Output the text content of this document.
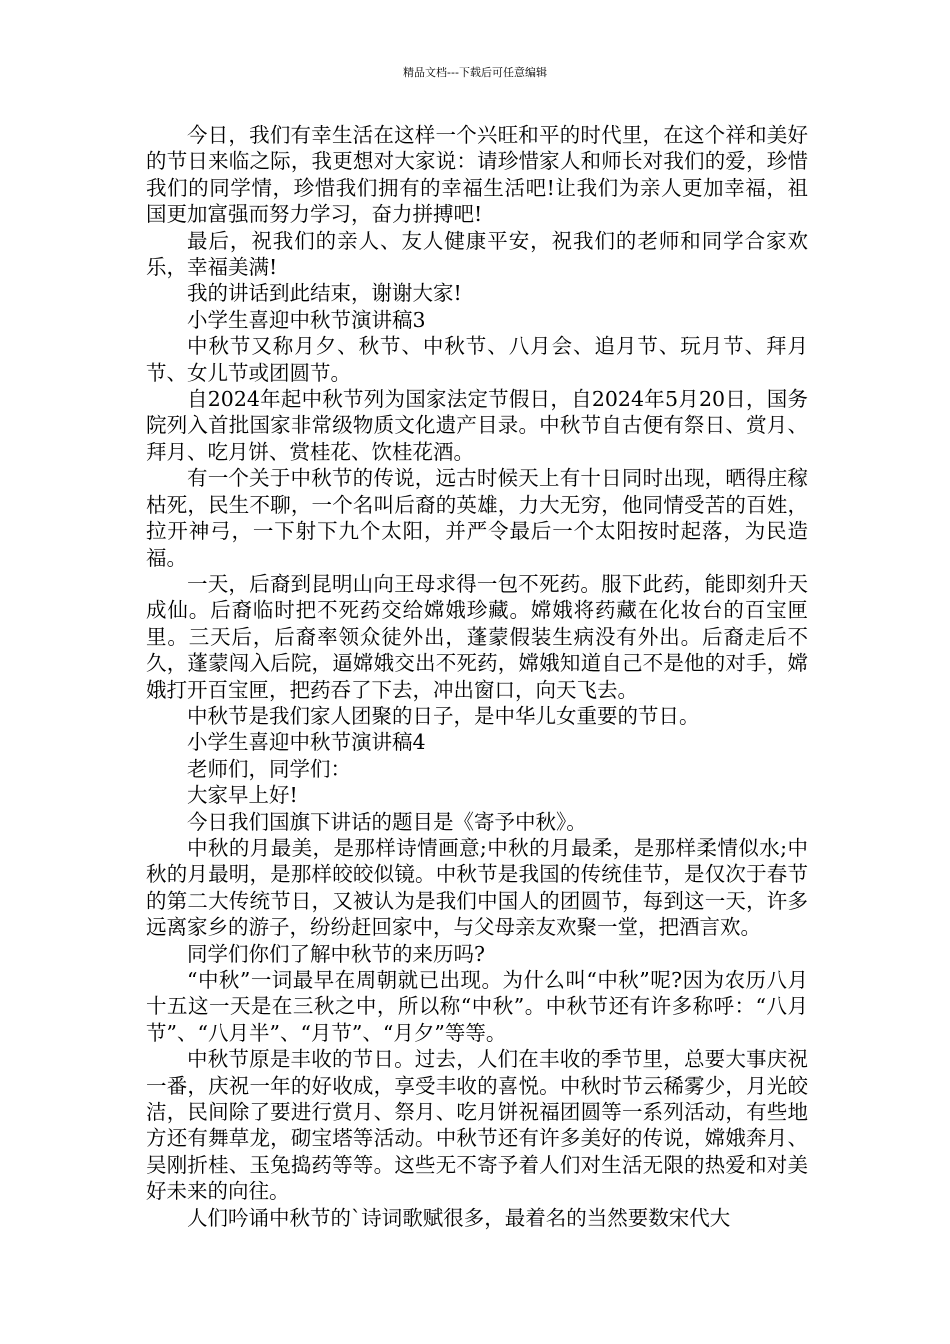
精品文档---下载后可任意编辑

今日，我们有幸生活在这样一个兴旺和平的时代里，在这个祥和美好的节日来临之际，我更想对大家说：请珍惜家人和师长对我们的爱，珍惜我们的同学情，珍惜我们拥有的幸福生活吧!让我们为亲人更加幸福，祖国更加富强而努力学习，奋力拼搏吧!

最后，祝我们的亲人、友人健康平安，祝我们的老师和同学合家欢乐，幸福美满!

我的讲话到此结束，谢谢大家!

小学生喜迎中秋节演讲稿3

中秋节又称月夕、秋节、中秋节、八月会、追月节、玩月节、拜月节、女儿节或团圆节。

自2024年起中秋节列为国家法定节假日，自2024年5月20日，国务院列入首批国家非常级物质文化遗产目录。中秋节自古便有祭日、赏月、拜月、吃月饼、赏桂花、饮桂花酒。

有一个关于中秋节的传说，远古时候天上有十日同时出现，晒得庄稼枯死，民生不聊，一个名叫后裔的英雄，力大无穷，他同情受苦的百姓，拉开神弓，一下射下九个太阳，并严令最后一个太阳按时起落，为民造福。

一天，后裔到昆明山向王母求得一包不死药。服下此药，能即刻升天成仙。后裔临时把不死药交给嫦娥珍藏。嫦娥将药藏在化妆台的百宝匣里。三天后，后裔率领众徒外出，蓬蒙假装生病没有外出。后裔走后不久，蓬蒙闯入后院，逼嫦娥交出不死药，嫦娥知道自己不是他的对手，嫦娥打开百宝匣，把药吞了下去，冲出窗口，向天飞去。

中秋节是我们家人团聚的日子，是中华儿女重要的节日。

小学生喜迎中秋节演讲稿4

老师们，同学们：

大家早上好!

今日我们国旗下讲话的题目是《寄予中秋》。

中秋的月最美，是那样诗情画意;中秋的月最柔，是那样柔情似水;中秋的月最明，是那样皎皎似镜。中秋节是我国的传统佳节，是仅次于春节的第二大传统节日，又被认为是我们中国人的团圆节，每到这一天，许多远离家乡的游子，纷纷赶回家中，与父母亲友欢聚一堂，把酒言欢。

同学们你们了解中秋节的来历吗?

“中秋”一词最早在周朝就已出现。为什么叫“中秋”呢?因为农历八月十五这一天是在三秋之中，所以称“中秋”。中秋节还有许多称呼：“八月节”、“八月半”、“月节”、“月夕”等等。

中秋节原是丰收的节日。过去，人们在丰收的季节里，总要大事庆祝一番，庆祝一年的好收成，享受丰收的喜悦。中秋时节云稀雾少，月光皎洁，民间除了要进行赏月、祭月、吃月饼祝福团圆等一系列活动，有些地方还有舞草龙，砌宝塔等活动。中秋节还有许多美好的传说，嫦娥奔月、吴刚折桂、玉兔捣药等等。这些无不寄予着人们对生活无限的热爱和对美好未来的向往。

人们吟诵中秋节的`诗词歌赋很多，最着名的当然要数宋代大
